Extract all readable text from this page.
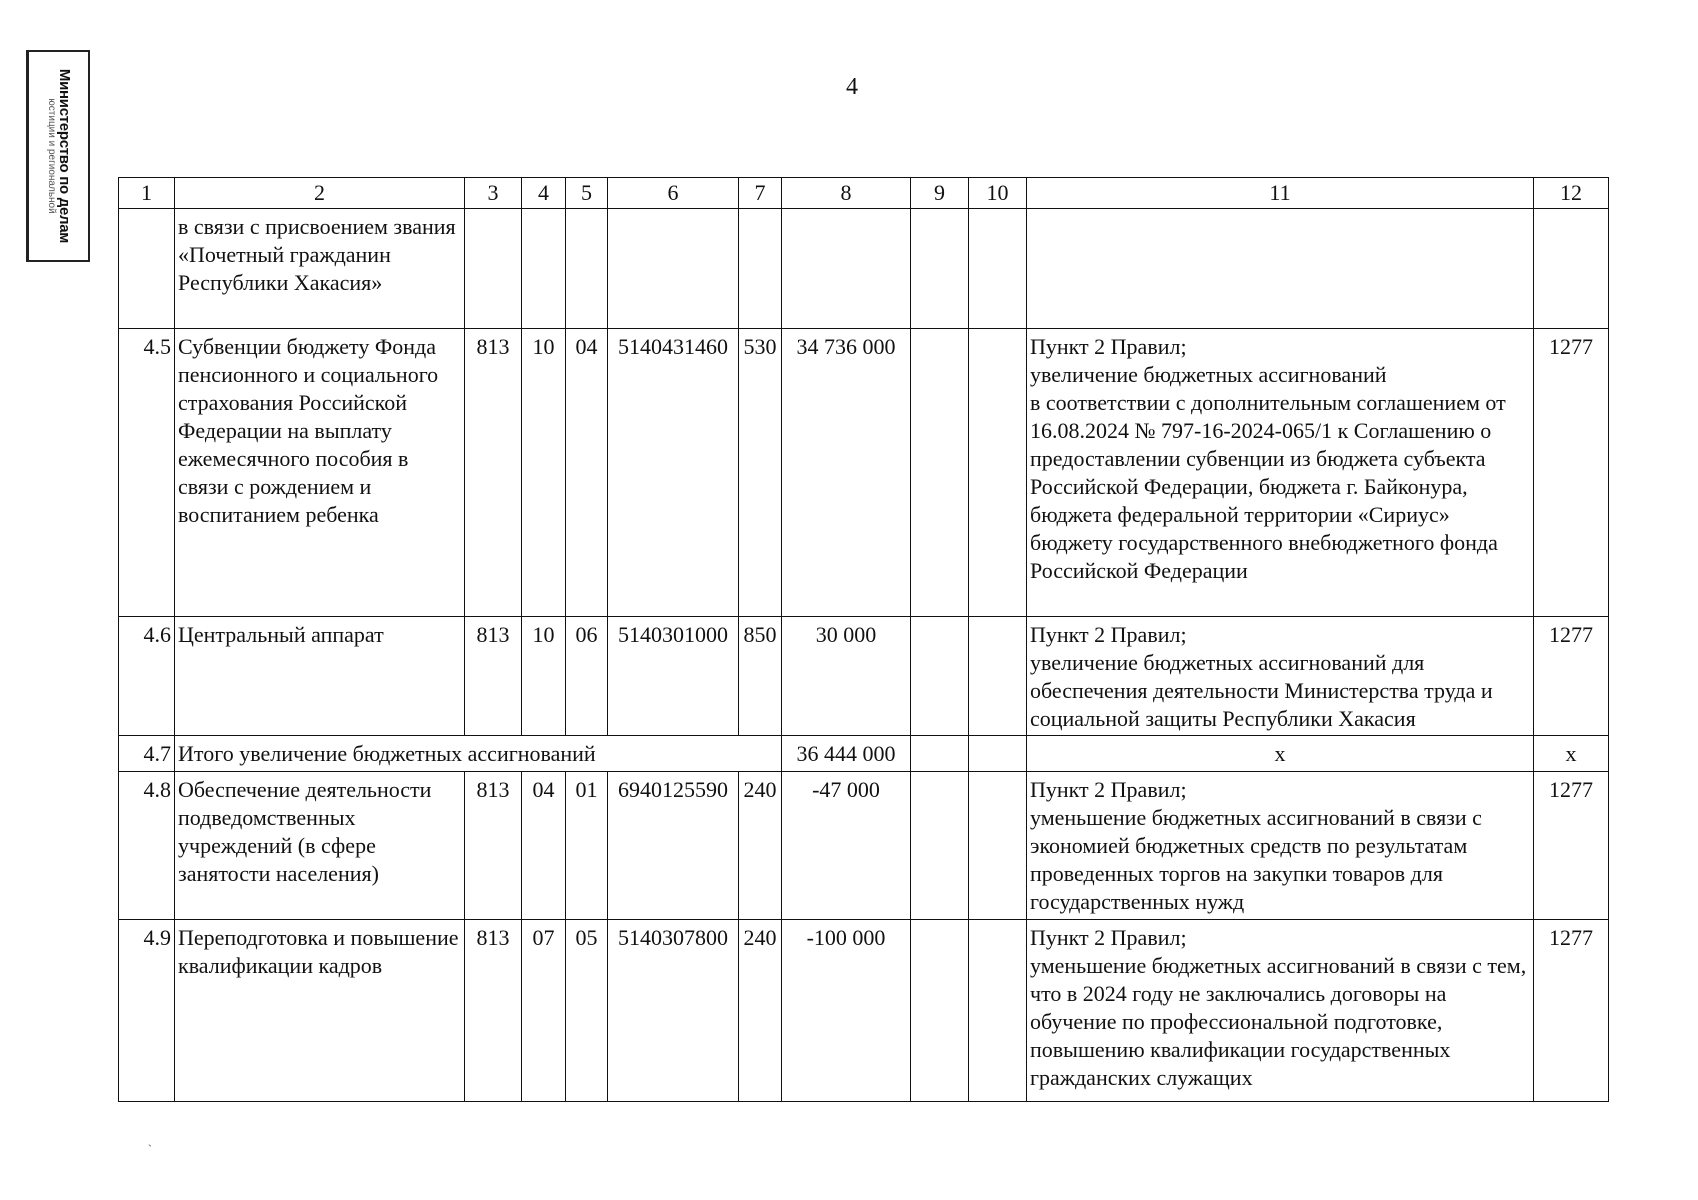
Министерство по делам
юстиции и региональной
4
1	2	3	4	5	6	7	8	9	10	11	12
	в связи с присвоением звания «Почетный гражданин Республики Хакасия»										
4.5	Субвенции бюджету Фонда пенсионного и социального страхования Российской Федерации на выплату ежемесячного пособия в связи с рождением и воспитанием ребенка	813	10	04	5140431460	530	34 736 000			Пункт 2 Правил;
увеличение бюджетных ассигнований
в соответствии с дополнительным соглашением от 16.08.2024 № 797-16-2024-065/1 к Соглашению о предоставлении субвенции из бюджета субъекта Российской Федерации, бюджета г. Байконура, бюджета федеральной территории «Сириус» бюджету государственного внебюджетного фонда Российской Федерации	1277
4.6	Центральный аппарат	813	10	06	5140301000	850	30 000			Пункт 2 Правил;
увеличение бюджетных ассигнований для обеспечения деятельности Министерства труда и социальной защиты Республики Хакасия	1277
4.7	Итого увеличение бюджетных ассигнований						36 444 000			x	x
4.8	Обеспечение деятельности подведомственных учреждений (в сфере занятости населения)	813	04	01	6940125590	240	-47 000			Пункт 2 Правил;
уменьшение бюджетных ассигнований в связи с экономией бюджетных средств по результатам проведенных торгов на закупки товаров для государственных нужд	1277
4.9	Переподготовка и повышение квалификации кадров	813	07	05	5140307800	240	-100 000			Пункт 2 Правил;
уменьшение бюджетных ассигнований в связи с тем, что в 2024 году не заключались договоры на обучение по профессиональной подготовке, повышению квалификации государственных гражданских служащих	1277
`
